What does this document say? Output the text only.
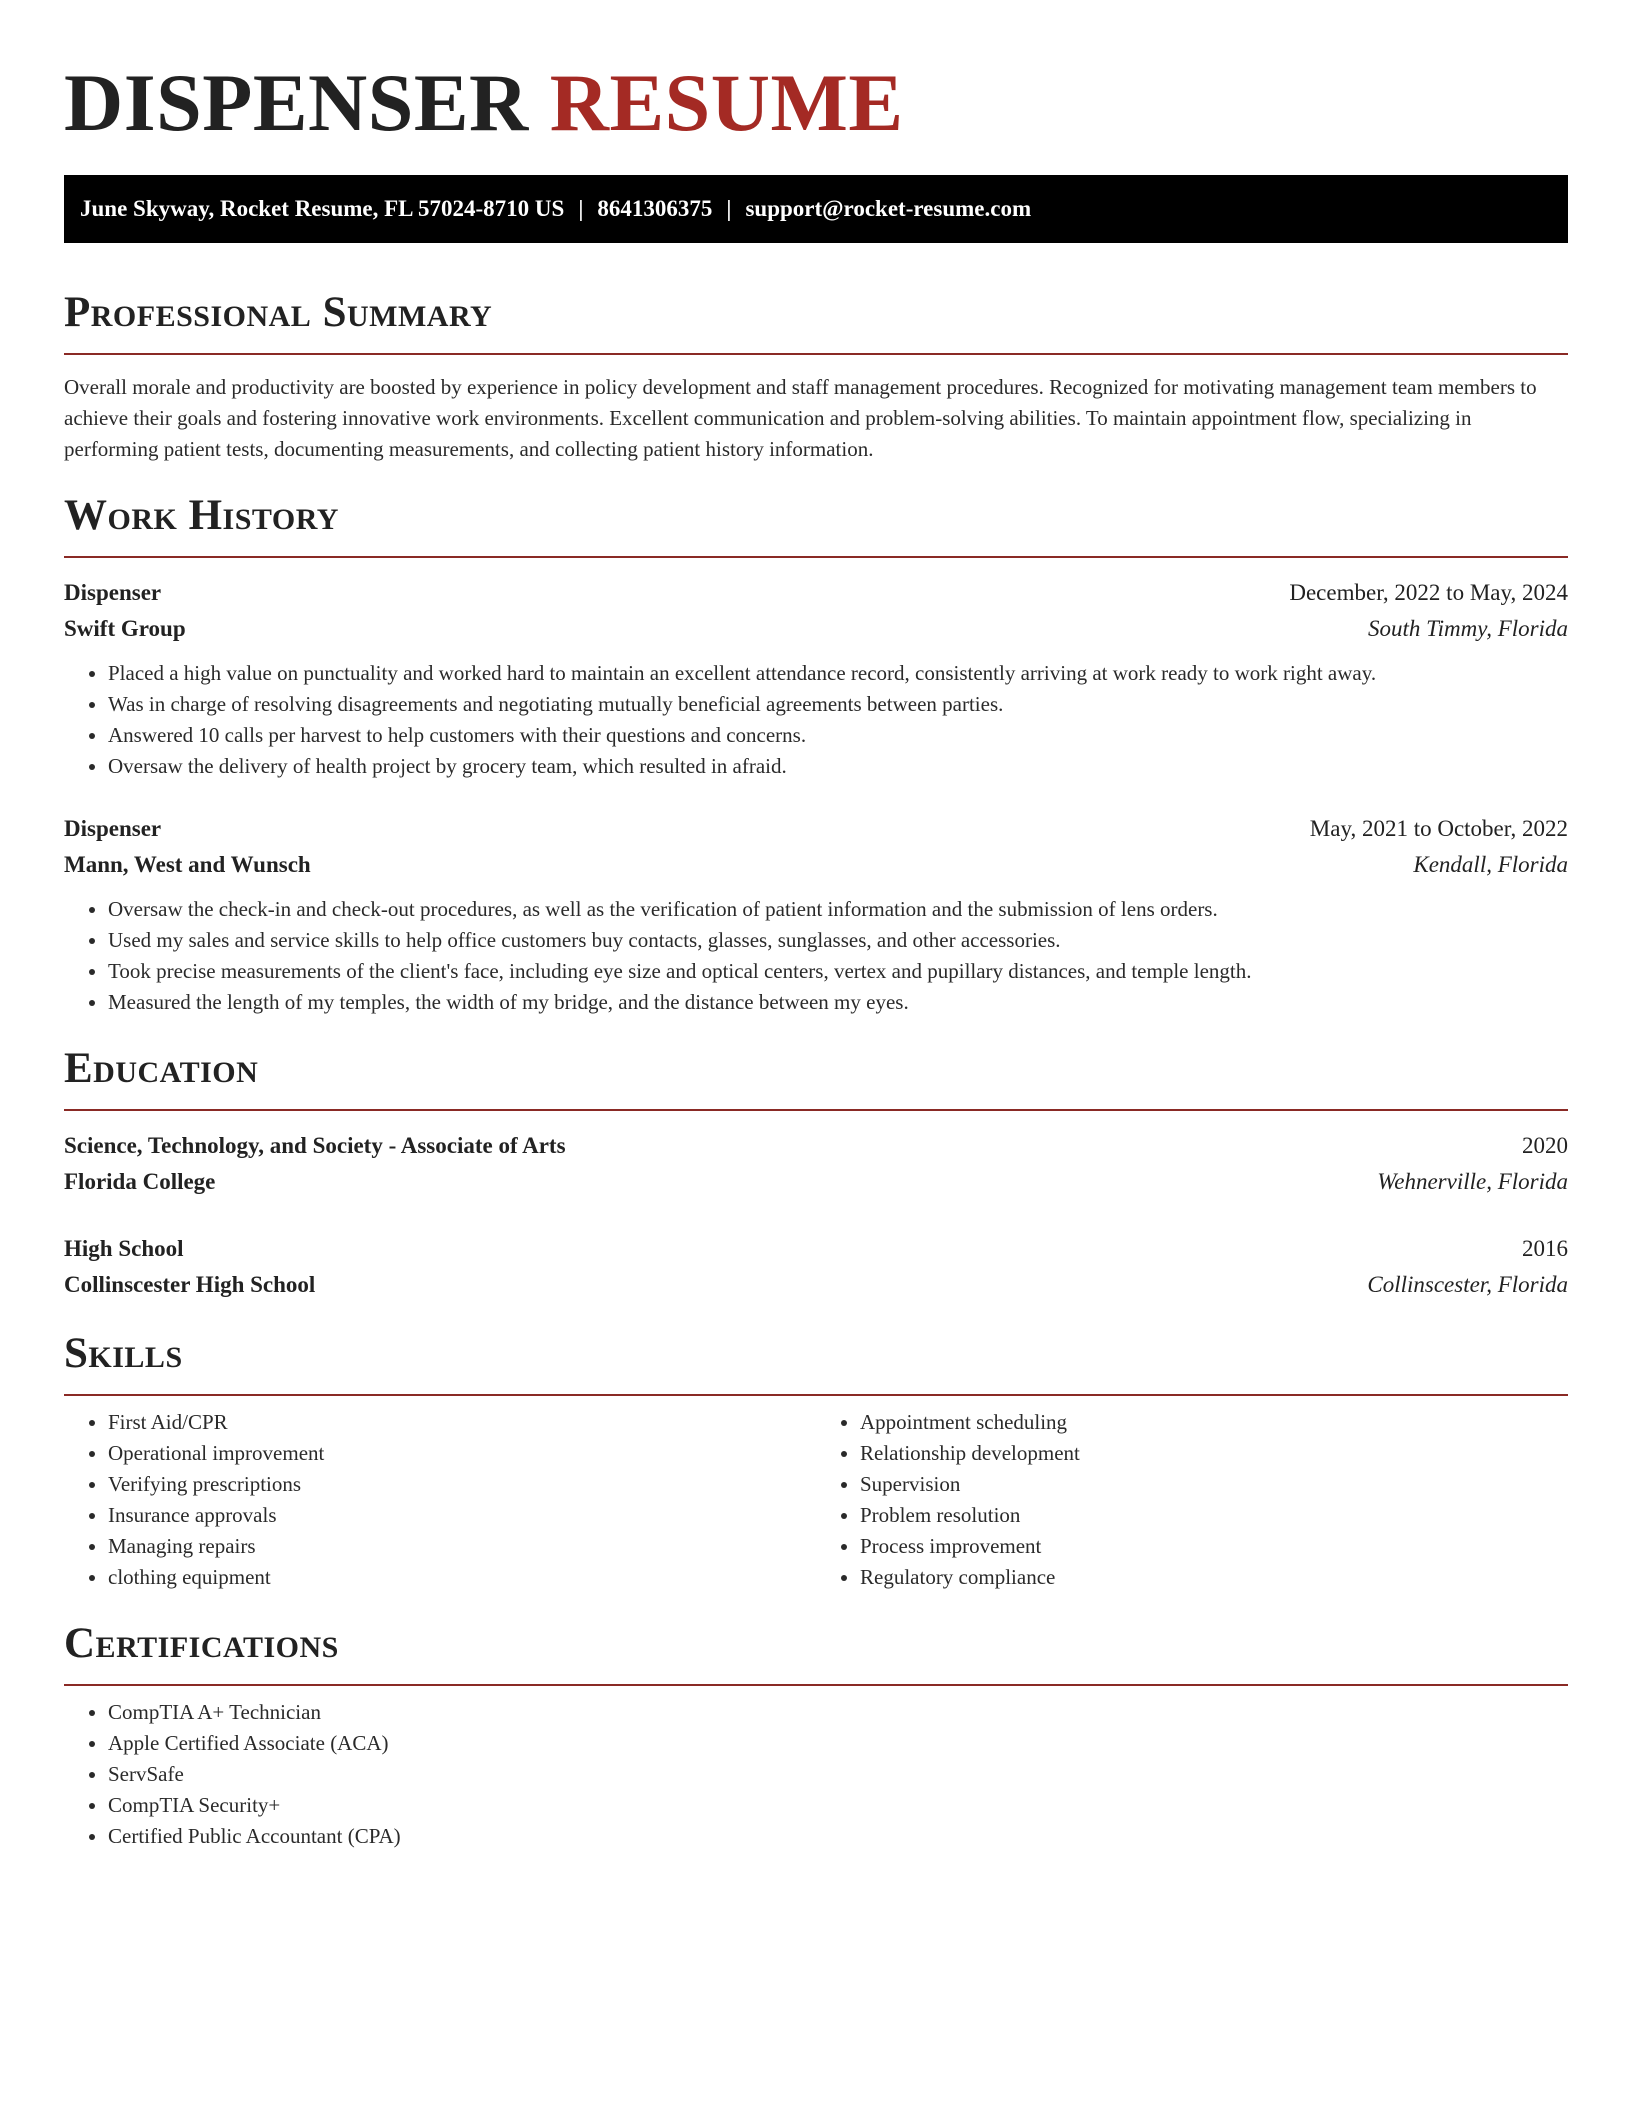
DISPENSER RESUME
June Skyway, Rocket Resume, FL 57024-8710 US | 8641306375 | support@rocket-resume.com
Professional Summary

Overall morale and productivity are boosted by experience in policy development and staff management procedures. Recognized for motivating management team members to achieve their goals and fostering innovative work environments. Excellent communication and problem-solving abilities. To maintain appointment flow, specializing in performing patient tests, documenting measurements, and collecting patient history information.

Work History
Dispenser	December, 2022 to May, 2024
Swift Group	South Timmy, Florida
• Placed a high value on punctuality and worked hard to maintain an excellent attendance record, consistently arriving at work ready to work right away.
• Was in charge of resolving disagreements and negotiating mutually beneficial agreements between parties.
• Answered 10 calls per harvest to help customers with their questions and concerns.
• Oversaw the delivery of health project by grocery team, which resulted in afraid.
Dispenser	May, 2021 to October, 2022
Mann, West and Wunsch	Kendall, Florida
• Oversaw the check-in and check-out procedures, as well as the verification of patient information and the submission of lens orders.
• Used my sales and service skills to help office customers buy contacts, glasses, sunglasses, and other accessories.
• Took precise measurements of the client's face, including eye size and optical centers, vertex and pupillary distances, and temple length.
• Measured the length of my temples, the width of my bridge, and the distance between my eyes.
Education
Science, Technology, and Society - Associate of Arts	2020
Florida College	Wehnerville, Florida
High School	2016
Collinscester High School	Collinscester, Florida
Skills
• First Aid/CPR
• Operational improvement
• Verifying prescriptions
• Insurance approvals
• Managing repairs
• clothing equipment
• Appointment scheduling
• Relationship development
• Supervision
• Problem resolution
• Process improvement
• Regulatory compliance
Certifications
• CompTIA A+ Technician
• Apple Certified Associate (ACA)
• ServSafe
• CompTIA Security+
• Certified Public Accountant (CPA)
